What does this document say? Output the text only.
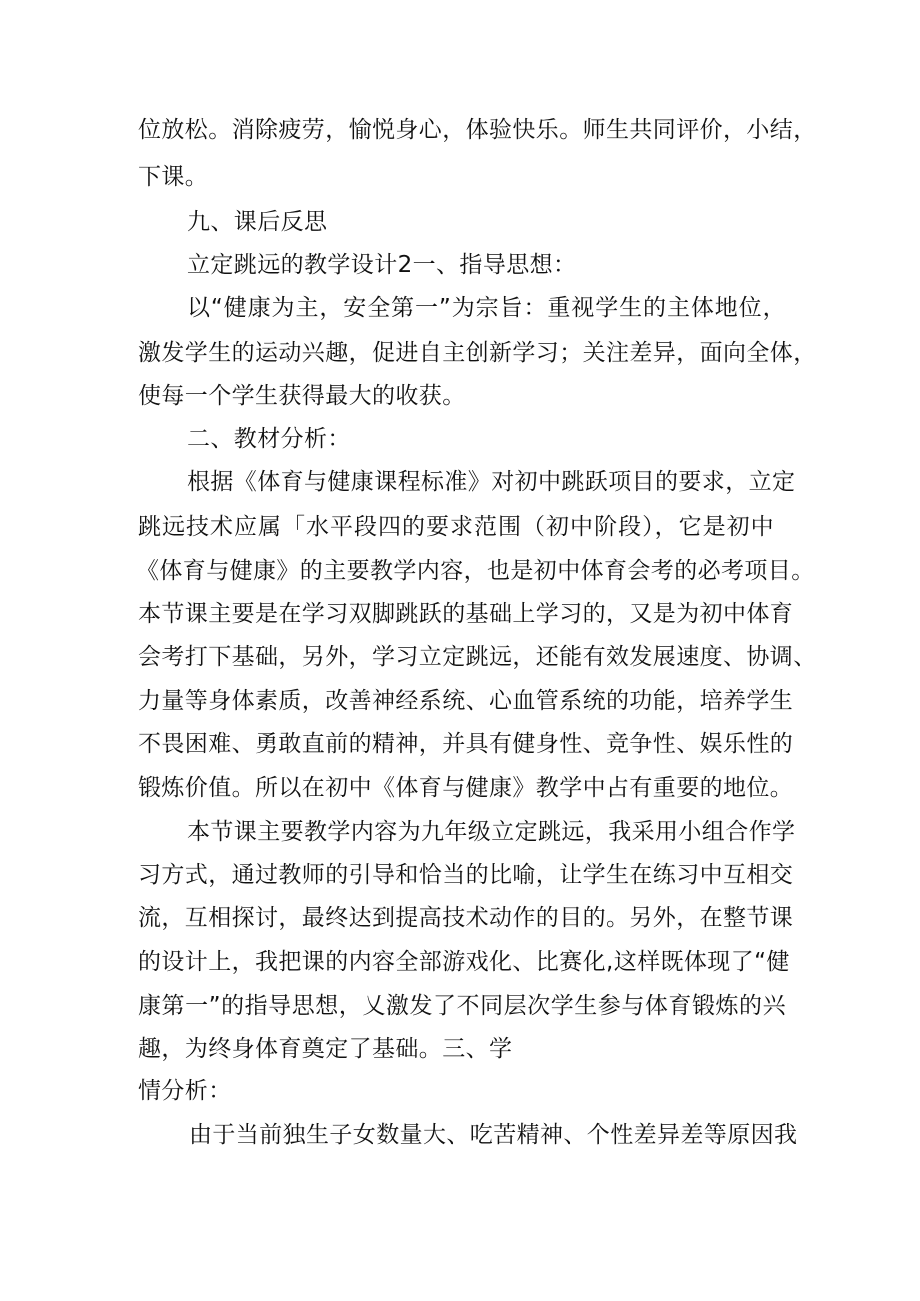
位放松。消除疲劳，愉悦身心，体验快乐。师生共同评价，小结，
下课。
九、课后反思
立定跳远的教学设计2一、指导思想：
以“健康为主，安全第一”为宗旨：重视学生的主体地位，
激发学生的运动兴趣，促进自主创新学习；关注差异，面向全体，
使每一个学生获得最大的收获。
二、教材分析：
根据《体育与健康课程标准》对初中跳跃项目的要求，立定
跳远技术应属「水平段四的要求范围（初中阶段），它是初中
《体育与健康》的主要教学内容，也是初中体育会考的必考项目。
本节课主要是在学习双脚跳跃的基础上学习的，又是为初中体育
会考打下基础，另外，学习立定跳远，还能有效发展速度、协调、
力量等身体素质，改善神经系统、心血管系统的功能，培养学生
不畏困难、勇敢直前的精神，并具有健身性、竞争性、娱乐性的
锻炼价值。所以在初中《体育与健康》教学中占有重要的地位。
本节课主要教学内容为九年级立定跳远，我采用小组合作学
习方式，通过教师的引导和恰当的比喻，让学生在练习中互相交
流，互相探讨，最终达到提高技术动作的目的。另外，在整节课
的设计上，我把课的内容全部游戏化、比赛化,这样既体现了“健
康第一”的指导思想，乂激发了不同层次学生参与体育锻炼的兴
趣，为终身体育奠定了基础。三、学
情分析：
由于当前独生子女数量大、吃苦精神、个性差异差等原因我
